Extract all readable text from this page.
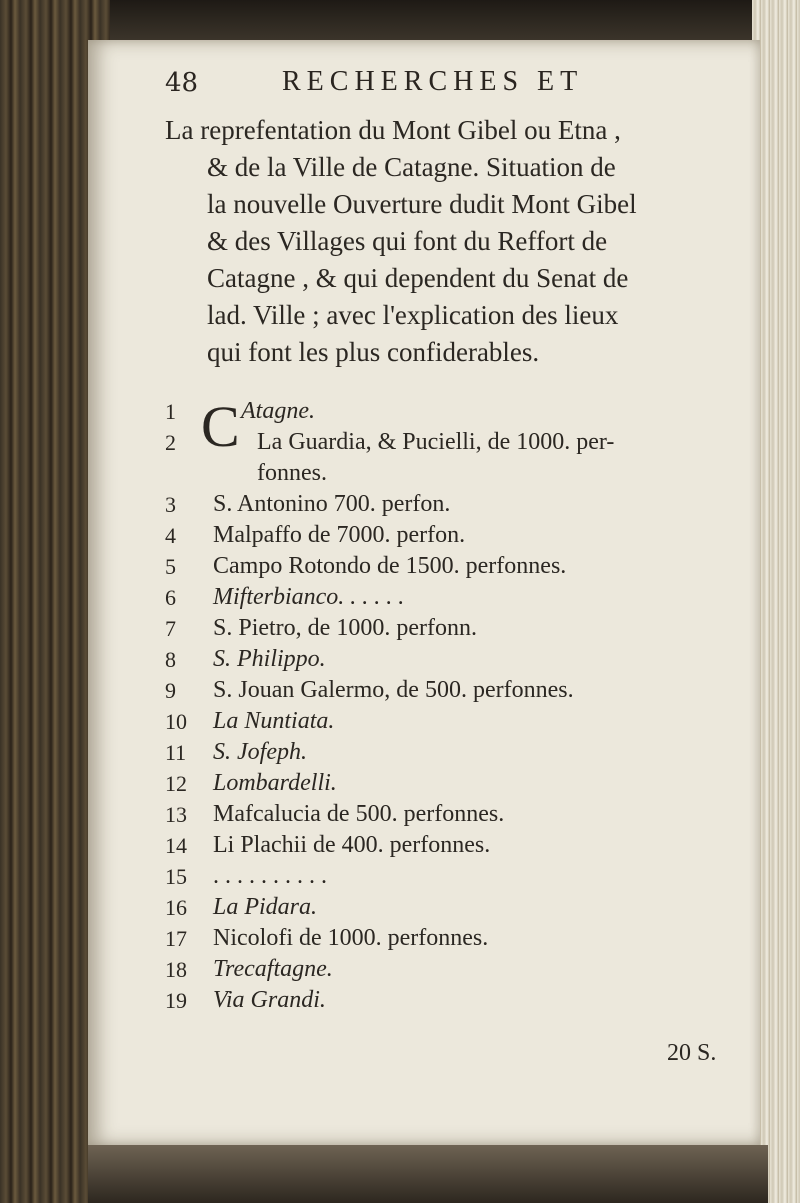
48	RECHERCHES ET
La reprefentation du Mont Gibel ou Etna ,
& de la Ville de Catagne. Situation de
la nouvelle Ouverture dudit Mont Gibel
& des Villages qui font du Reffort de
Catagne , & qui dependent du Senat de
lad. Ville ; avec l'explication des lieux
qui font les plus confiderables.
1 C Atagne.
2	La Guardia, & Pucielli, de 1000. per-
fonnes.
3	S. Antonino 700. perfon.
4	Malpaffo de 7000. perfon.
5	Campo Rotondo de 1500. perfonnes.
6	Mifterbianco. . . . . .
7	S. Pietro, de 1000. perfonn.
8	S. Philippo.
9	S. Jouan Galermo, de 500. perfonnes.
10	La Nuntiata.
11	S. Jofeph.
12	Lombardelli.
13	Mafcalucia de 500. perfonnes.
14	Li Plachii de 400. perfonnes.
15	. . . . . . . . . .
16	La Pidara.
17	Nicolofi de 1000. perfonnes.
18	Trecaftagne.
19	Via Grandi.
20 S.
